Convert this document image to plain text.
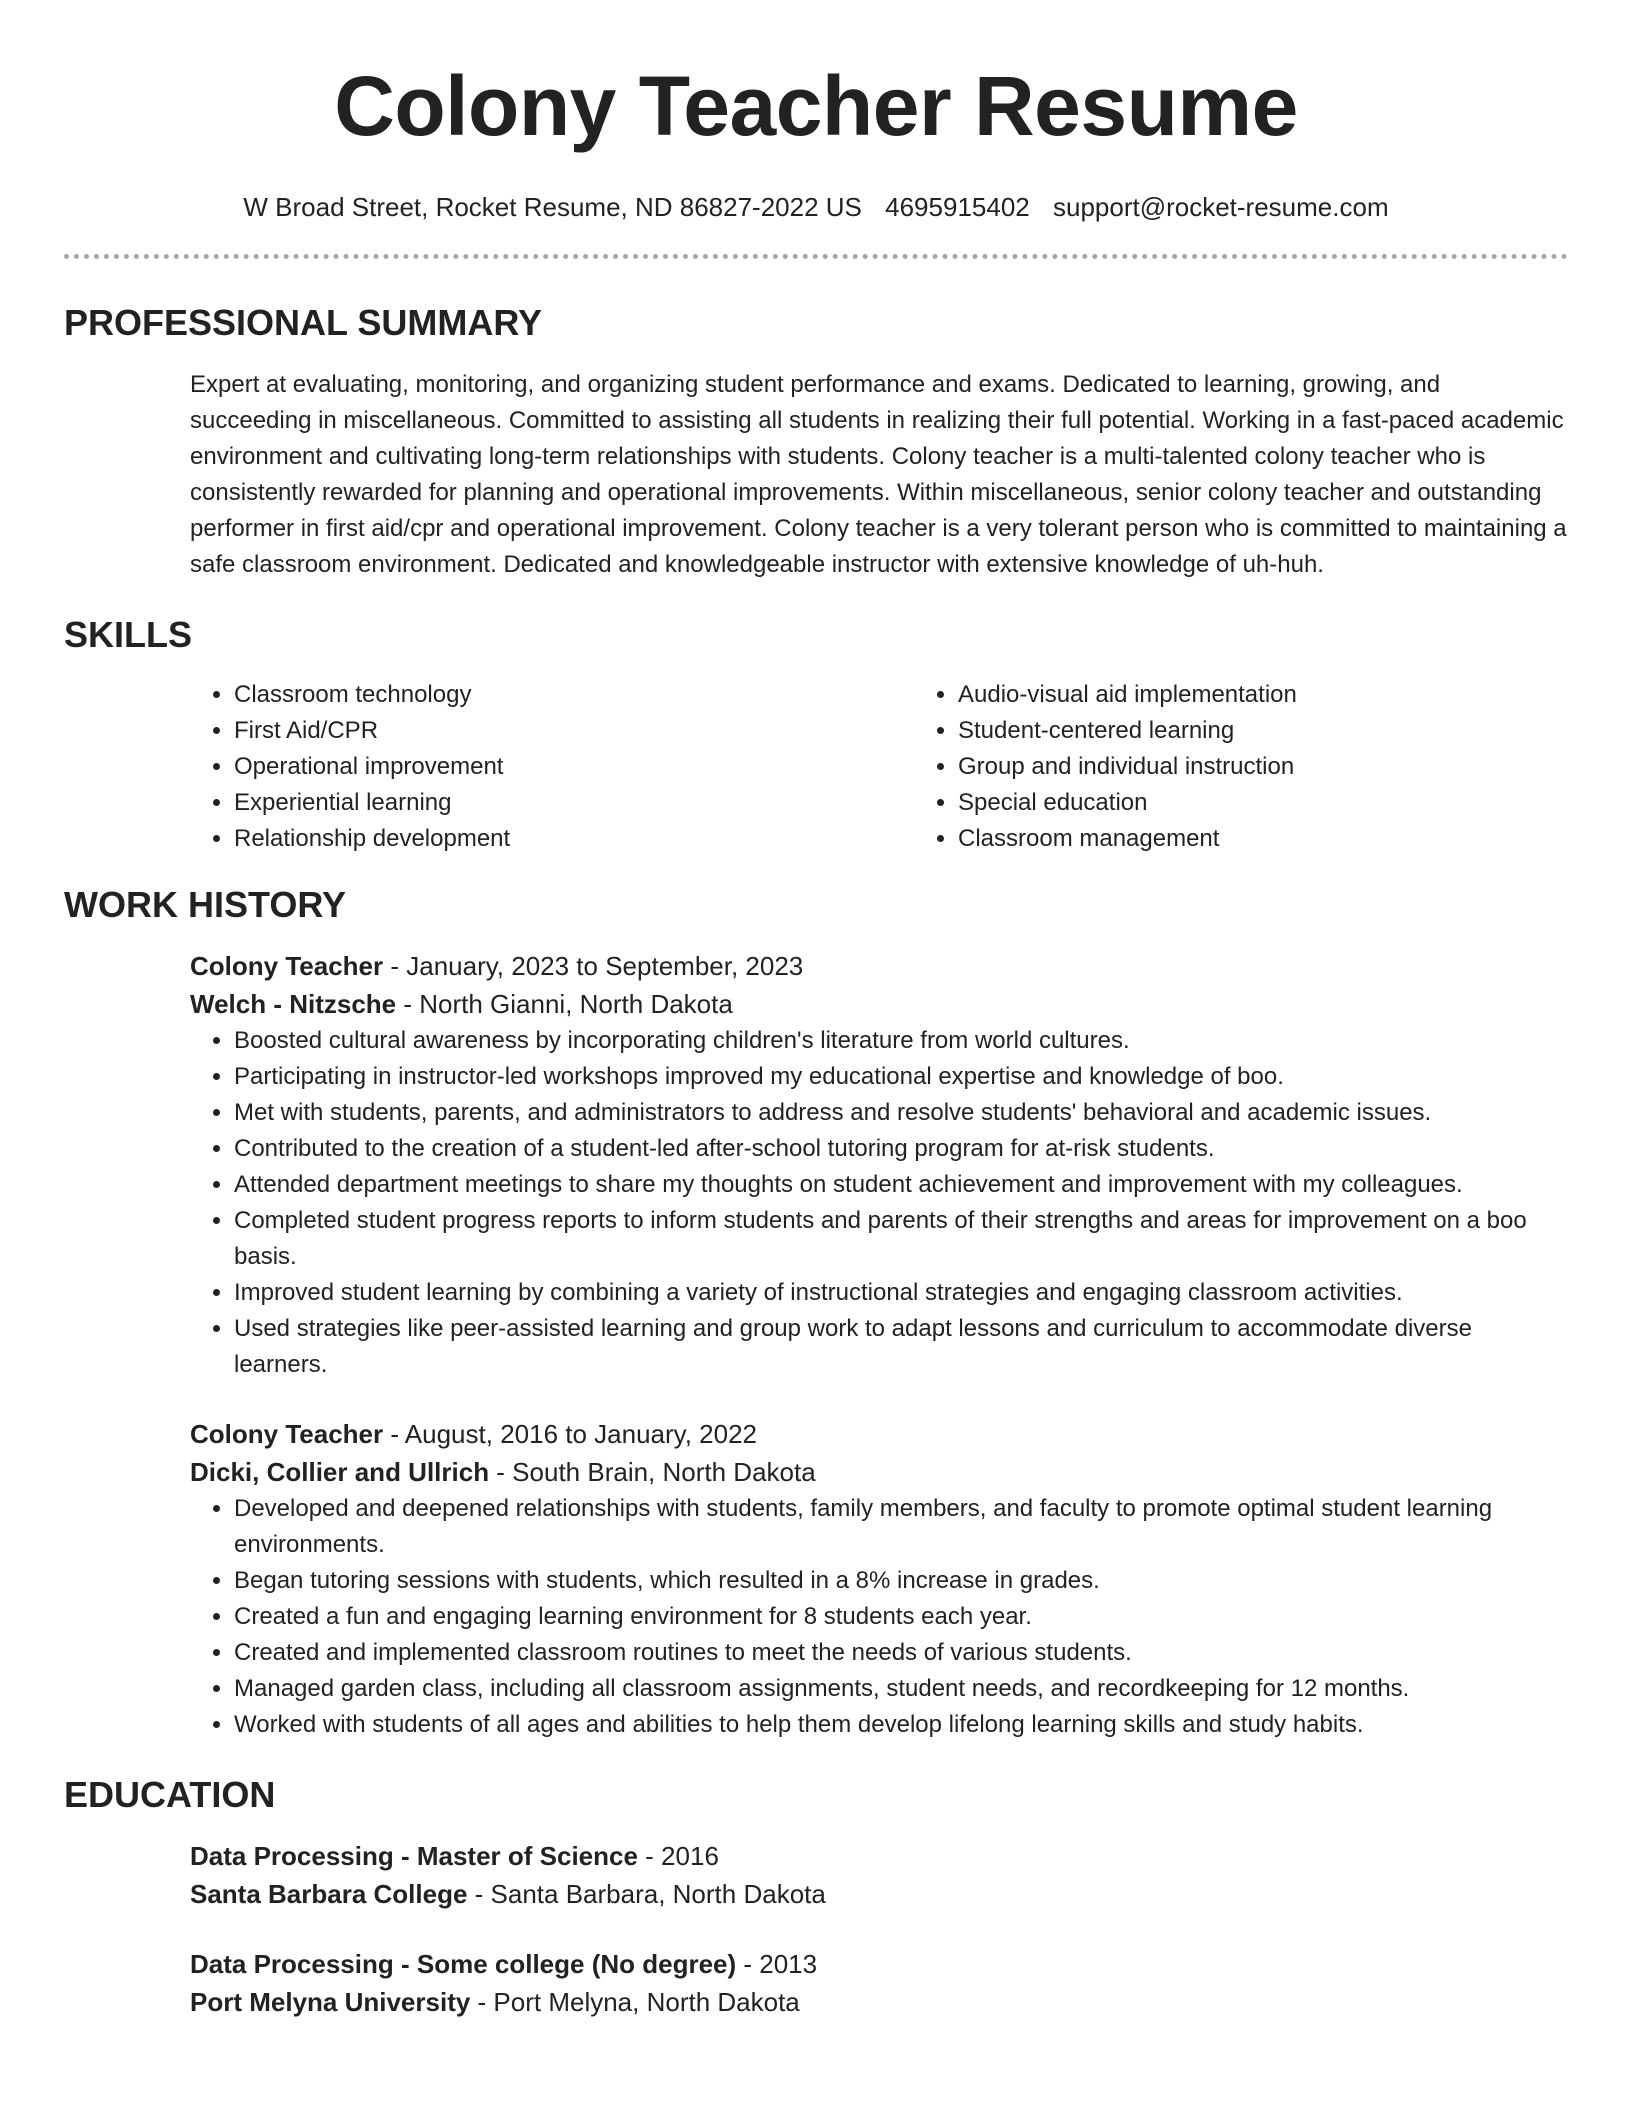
Colony Teacher Resume
W Broad Street, Rocket Resume, ND 86827-2022 US 4695915402 support@rocket-resume.com
PROFESSIONAL SUMMARY

Expert at evaluating, monitoring, and organizing student performance and exams. Dedicated to learning, growing, and succeeding in miscellaneous. Committed to assisting all students in realizing their full potential. Working in a fast-paced academic environment and cultivating long-term relationships with students. Colony teacher is a multi-talented colony teacher who is consistently rewarded for planning and operational improvements. Within miscellaneous, senior colony teacher and outstanding performer in first aid/cpr and operational improvement. Colony teacher is a very tolerant person who is committed to maintaining a safe classroom environment. Dedicated and knowledgeable instructor with extensive knowledge of uh-huh.

SKILLS
• Classroom technology
• First Aid/CPR
• Operational improvement
• Experiential learning
• Relationship development
• Audio-visual aid implementation
• Student-centered learning
• Group and individual instruction
• Special education
• Classroom management
WORK HISTORY
Colony Teacher - January, 2023 to September, 2023
Welch - Nitzsche - North Gianni, North Dakota
• Boosted cultural awareness by incorporating children's literature from world cultures.
• Participating in instructor-led workshops improved my educational expertise and knowledge of boo.
• Met with students, parents, and administrators to address and resolve students' behavioral and academic issues.
• Contributed to the creation of a student-led after-school tutoring program for at-risk students.
• Attended department meetings to share my thoughts on student achievement and improvement with my colleagues.
• Completed student progress reports to inform students and parents of their strengths and areas for improvement on a boo basis.
• Improved student learning by combining a variety of instructional strategies and engaging classroom activities.
• Used strategies like peer-assisted learning and group work to adapt lessons and curriculum to accommodate diverse learners.
Colony Teacher - August, 2016 to January, 2022
Dicki, Collier and Ullrich - South Brain, North Dakota
• Developed and deepened relationships with students, family members, and faculty to promote optimal student learning environments.
• Began tutoring sessions with students, which resulted in a 8% increase in grades.
• Created a fun and engaging learning environment for 8 students each year.
• Created and implemented classroom routines to meet the needs of various students.
• Managed garden class, including all classroom assignments, student needs, and recordkeeping for 12 months.
• Worked with students of all ages and abilities to help them develop lifelong learning skills and study habits.
EDUCATION
Data Processing - Master of Science - 2016
Santa Barbara College - Santa Barbara, North Dakota
Data Processing - Some college (No degree) - 2013
Port Melyna University - Port Melyna, North Dakota
